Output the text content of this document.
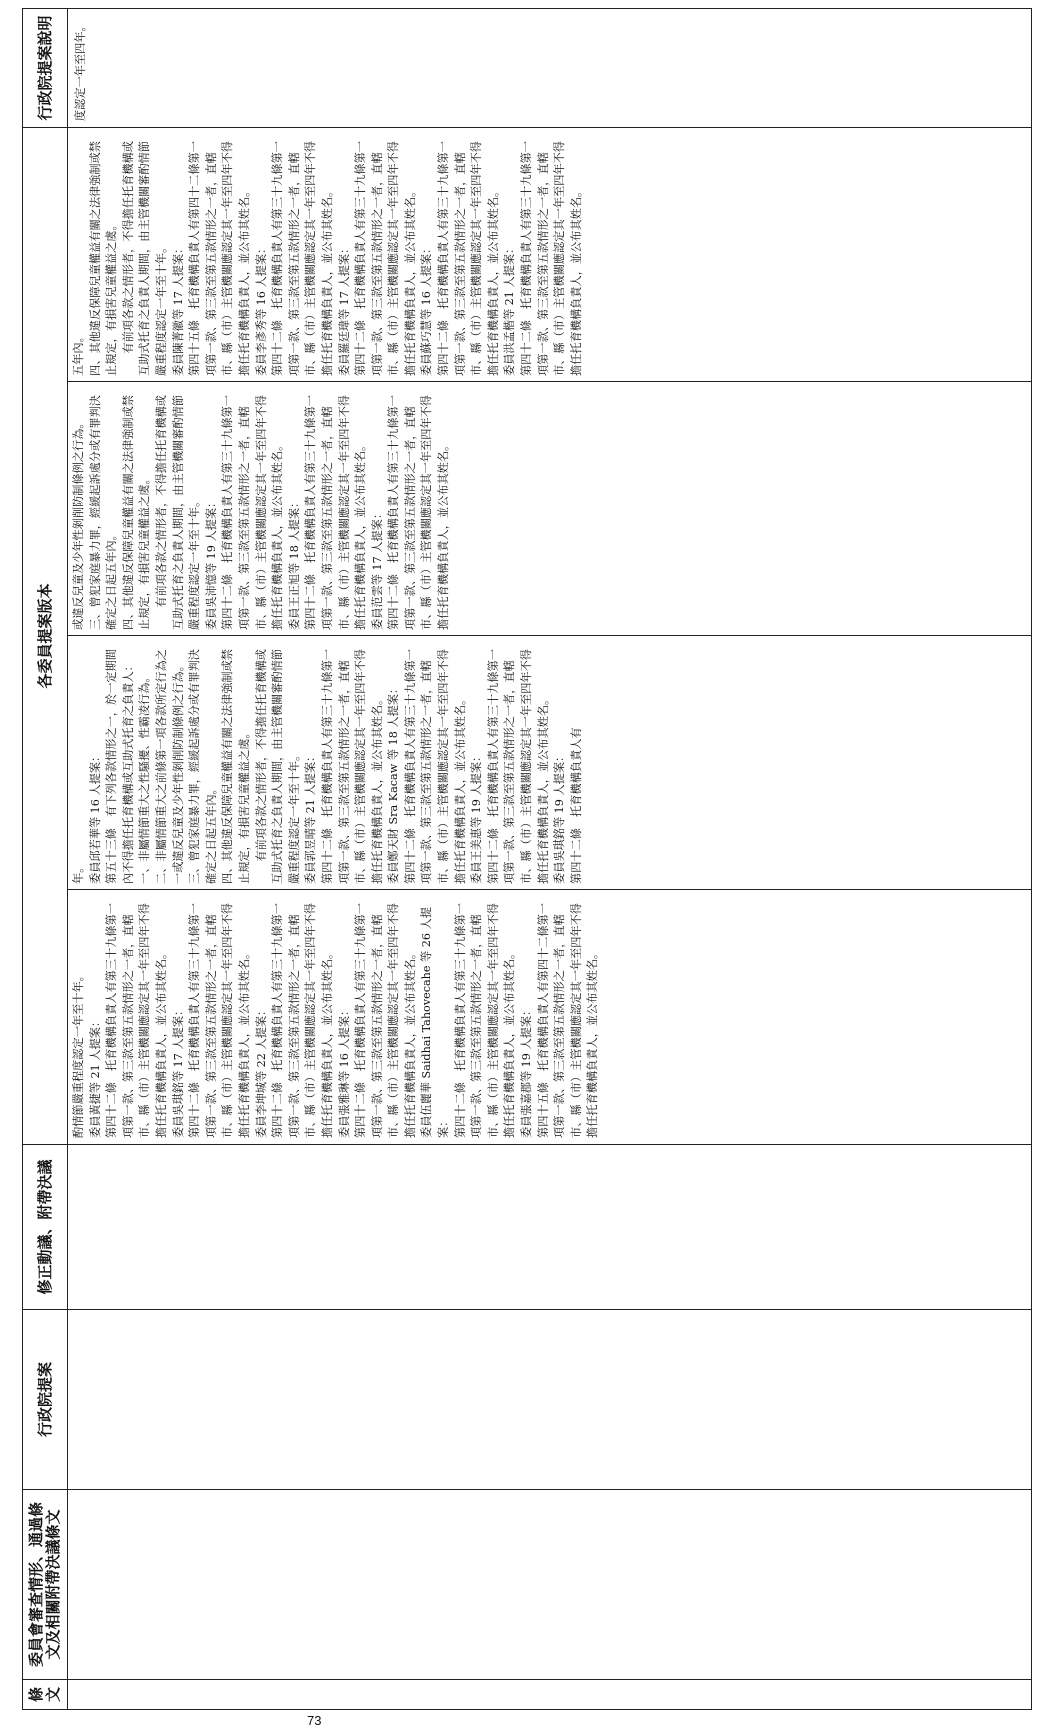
條
文
委員會審查情形、通過條文及相關附帶決議條文
行政院提案
修正動議、附帶決議
各委員提案版本
酌情節嚴重程度認定一年至十年。
委員黃捷等 21 人提案：
第四十二條　托育機構負責人有第三十九條第一項第一款、第三款至第五款情形之一者，直轄市、縣（市）主管機關應認定其一年至四年不得擔任托育機構負責人，並公布其姓名。
委員吳琪銘等 17 人提案：
第四十二條　托育機構負責人有第三十九條第一項第一款、第三款至第五款情形之一者，直轄市、縣（市）主管機關應認定其一年至四年不得擔任托育機構負責人，並公布其姓名。
委員李坤城等 22 人提案：
第四十二條　托育機構負責人有第三十九條第一項第一款、第三款至第五款情形之一者，直轄市、縣（市）主管機關應認定其一年至四年不得擔任托育機構負責人，並公布其姓名。
委員張雅琳等 16 人提案：
第四十二條　托育機構負責人有第三十九條第一項第一款、第三款至第五款情形之一者，直轄市、縣（市）主管機關應認定其一年至四年不得擔任托育機構負責人，並公布其姓名。
委員伍麗華 Saidhai Tahovecahe 等 26 人提案：
第四十二條　托育機構負責人有第三十九條第一項第一款、第三款至第五款情形之一者，直轄市、縣（市）主管機關應認定其一年至四年不得擔任托育機構負責人，並公布其姓名。
委員張嘉郡等 19 人提案：
第四十五條　托育機構負責人有第四十二條第一項第一款、第三款至第五款情形之一者，直轄市、縣（市）主管機關應認定其一年至四年不得擔任托育機構負責人，並公布其姓名。
年。
委員邱若華等 16 人提案：
第五十三條　有下列各款情形之一，於一定期間內不得擔任托育機構或互助式托育之負責人：
一、非屬情節重大之性騷擾、性霸凌行為。
二、非屬情節重大之前條第一項各款所定行為之一或違反兒童及少年性剝削防制條例之行為。
三、曾犯家庭暴力罪，經緩起訴處分或有罪判決確定之日起五年內。
四、其他違反保障兒童權益有關之法律強制或禁止規定，有損害兒童權益之虞。
　　有前項各款之情形者，不得擔任托育機構或互助式托育之負責人期間，由主管機關審酌情節嚴重程度認定一年至十年。
委員郭昱晴等 21 人提案：
第四十二條　托育機構負責人有第三十九條第一項第一款、第三款至第五款情形之一者，直轄市、縣（市）主管機關應認定其一年至四年不得擔任托育機構負責人，並公布其姓名。
委員鄭天財 Sra Kacaw 等 18 人提案：
第四十二條　托育機構負責人有第三十九條第一項第一款、第三款至第五款情形之一者，直轄市、縣（市）主管機關應認定其一年至四年不得擔任托育機構負責人，並公布其姓名。
委員王美惠等 19 人提案：
第四十二條　托育機構負責人有第三十九條第一項第一款、第三款至第五款情形之一者，直轄市、縣（市）主管機關應認定其一年至四年不得擔任托育機構負責人，並公布其姓名。
委員吳琪銘等 19 人提案：
第四十二條　托育機構負責人有
或違反兒童及少年性剝削防制條例之行為。
三、曾犯家庭暴力罪，經緩起訴處分或有罪判決確定之日起五年內。
四、其他違反保障兒童權益有關之法律強制或禁止規定，有損害兒童權益之虞。
　　有前項各款之情形者，不得擔任托育機構或互助式托育之負責人期間，由主管機關審酌情節嚴重程度認定一年至十年。
委員吳沛憶等 19 人提案：
第四十二條　托育機構負責人有第三十九條第一項第一款、第三款至第五款情形之一者，直轄市、縣（市）主管機關應認定其一年至四年不得擔任托育機構負責人，並公布其姓名。
委員王正旭等 18 人提案：
第四十二條　托育機構負責人有第三十九條第一項第一款、第三款至第五款情形之一者，直轄市、縣（市）主管機關應認定其一年至四年不得擔任托育機構負責人，並公布其姓名。
委員范雲等 17 人提案：
第四十二條　托育機構負責人有第三十九條第一項第一款、第三款至第五款情形之一者，直轄市、縣（市）主管機關應認定其一年至四年不得擔任托育機構負責人，並公布其姓名。
五年內。
四、其他違反保障兒童權益有關之法律強制或禁止規定，有損害兒童權益之虞。
　　有前項各款之情形者，不得擔任托育機構或互助式托育之負責人期間，由主管機關審酌情節嚴重程度認定一年至十年。
委員陳菁徽等 17 人提案：
第四十五條　托育機構負責人有第四十二條第一項第一款、第三款至第五款情形之一者，直轄市、縣（市）主管機關應認定其一年至四年不得擔任托育機構負責人，並公布其姓名。
委員李彥秀等 16 人提案：
第四十二條　托育機構負責人有第三十九條第一項第一款、第三款至第五款情形之一者，直轄市、縣（市）主管機關應認定其一年至四年不得擔任托育機構負責人，並公布其姓名。
委員羅廷瑋等 17 人提案：
第四十二條　托育機構負責人有第三十九條第一項第一款、第三款至第五款情形之一者，直轄市、縣（市）主管機關應認定其一年至四年不得擔任托育機構負責人，並公布其姓名。
委員蘇巧慧等 16 人提案：
第四十二條　托育機構負責人有第三十九條第一項第一款、第三款至第五款情形之一者，直轄市、縣（市）主管機關應認定其一年至四年不得擔任托育機構負責人，並公布其姓名。
委員洪孟楷等 21 人提案：
第四十二條　托育機構負責人有第三十九條第一項第一款、第三款至第五款情形之一者，直轄市、縣（市）主管機關應認定其一年至四年不得擔任托育機構負責人，並公布其姓名。
行政院提案說明	度認定一年至四年。
73
